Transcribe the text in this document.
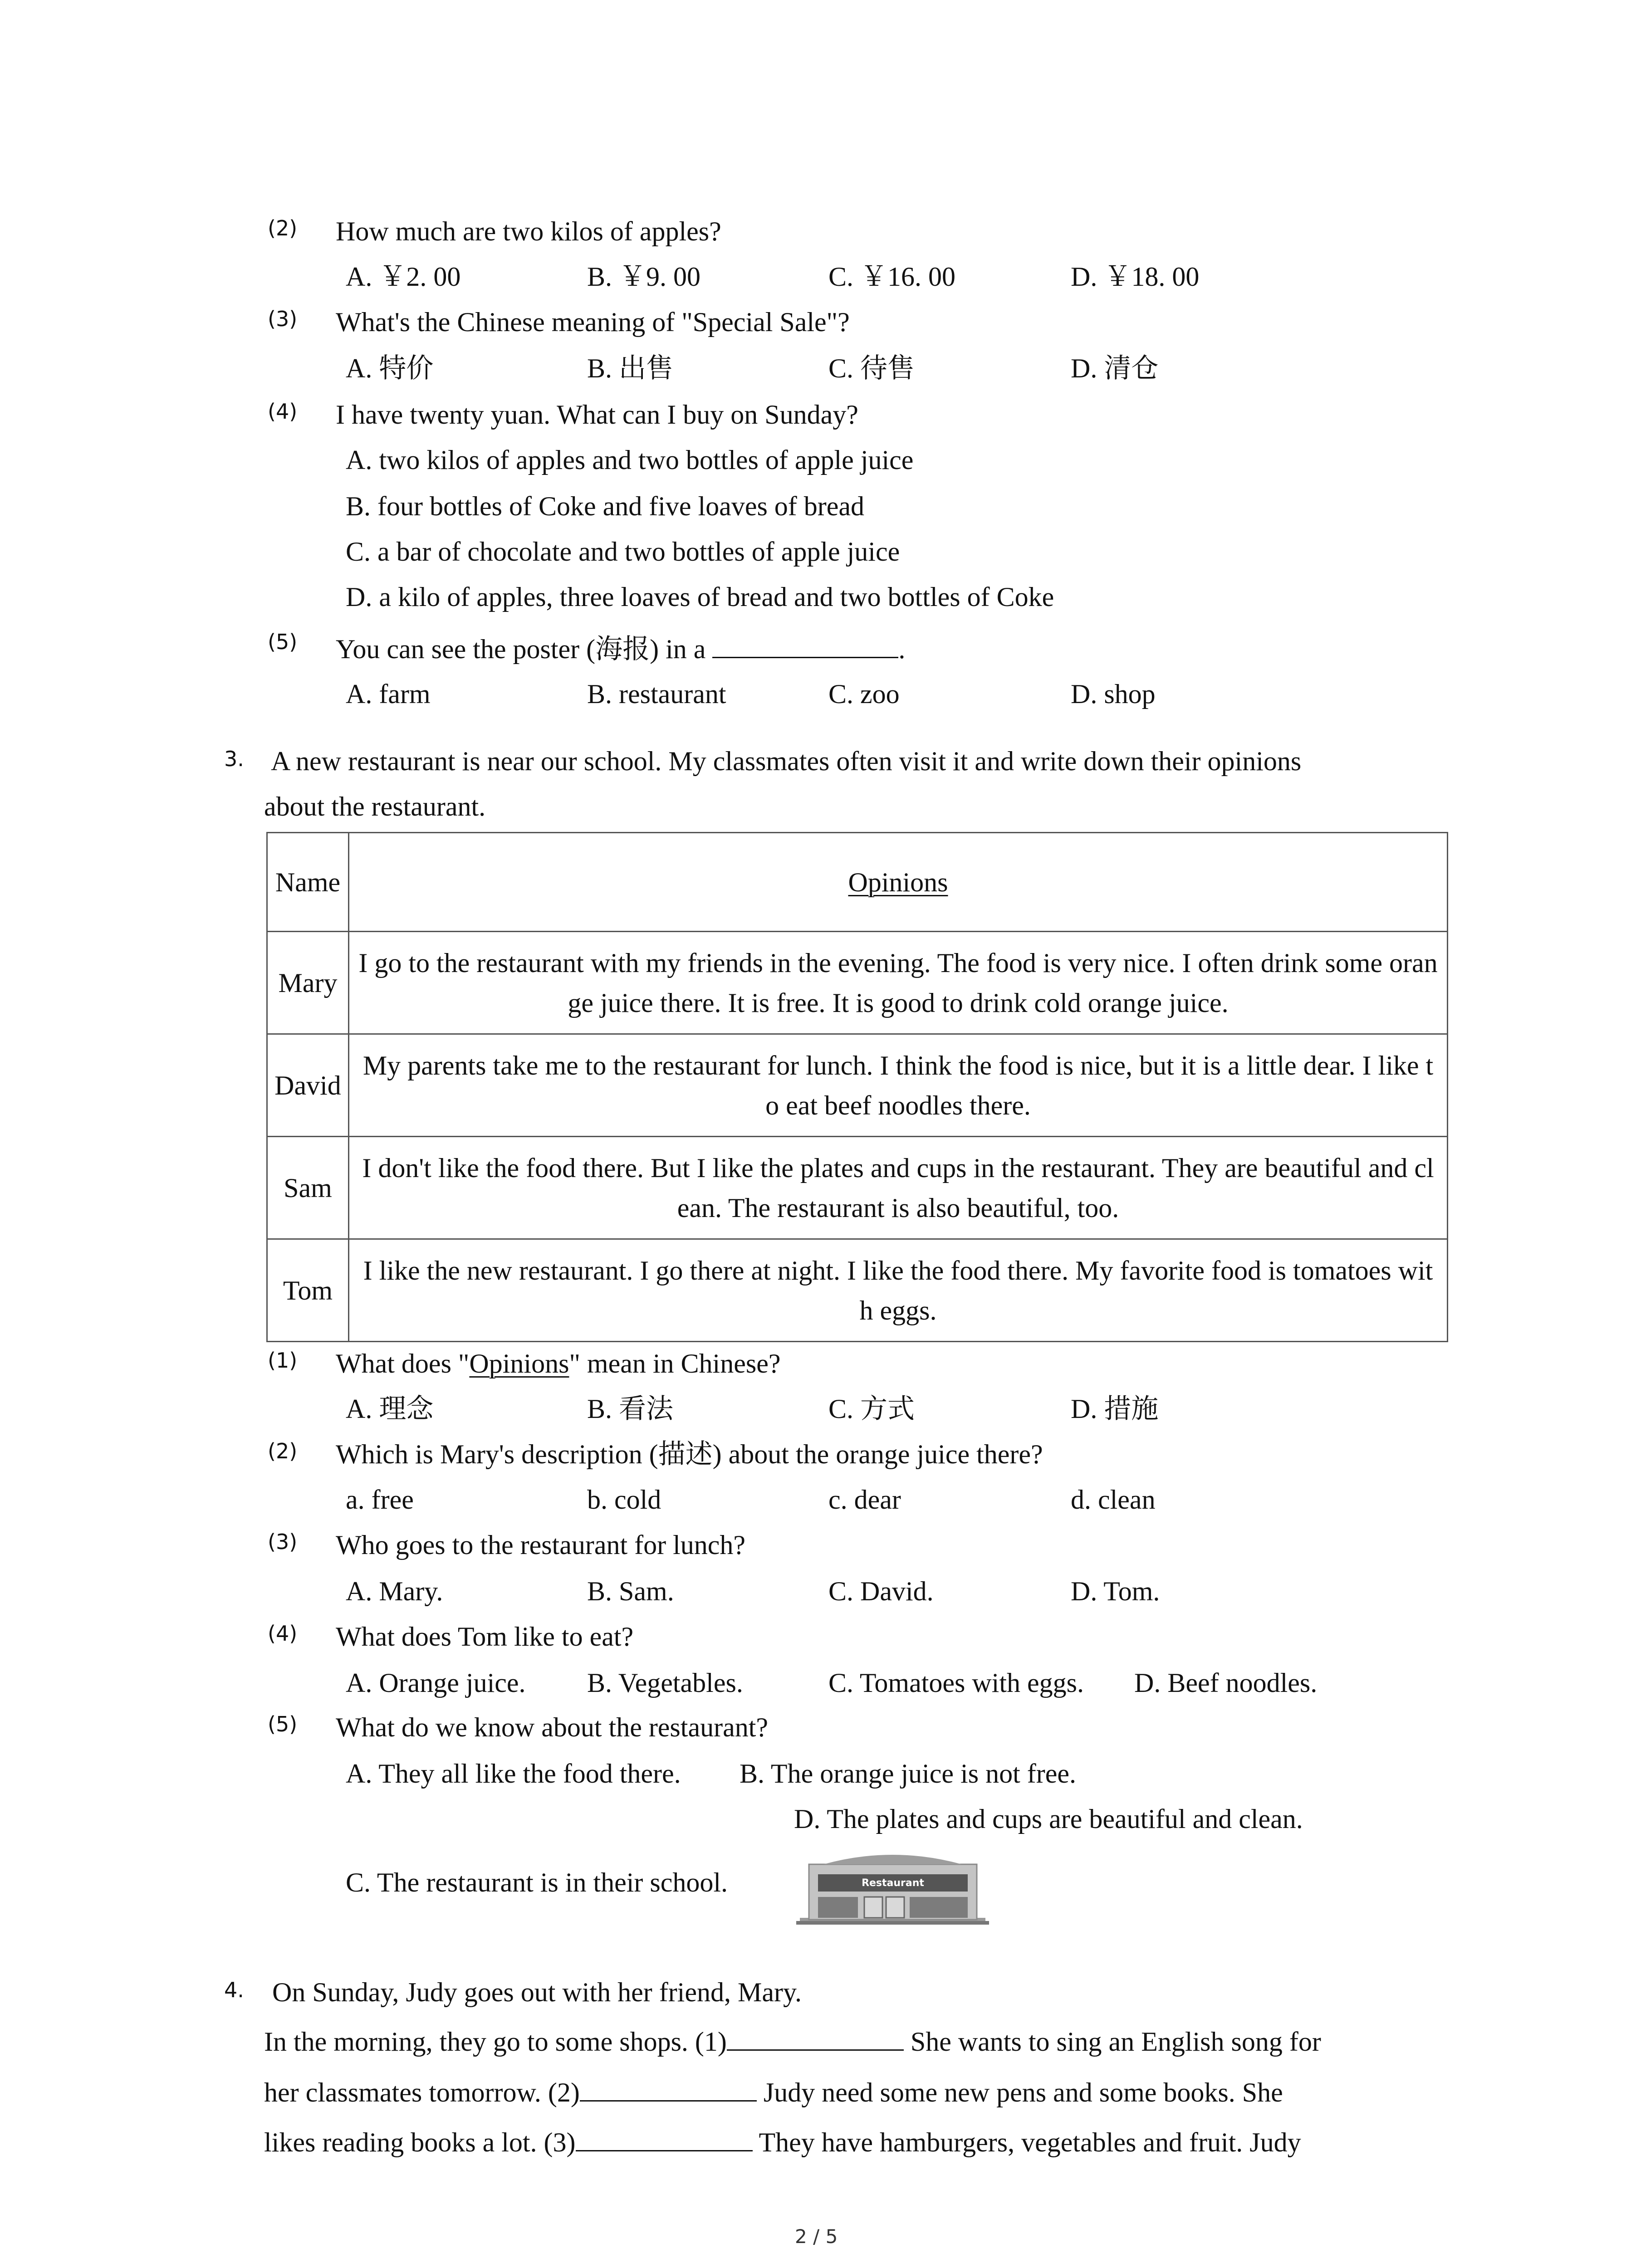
(2) How much are two kilos of apples?
A. ￥2. 00	B. ￥9. 00	C. ￥16. 00	D. ￥18. 00
(3) What's the Chinese meaning of "Special Sale"?
A. 特价	B. 出售	C. 待售	D. 清仓
(4) I have twenty yuan. What can I buy on Sunday?
A. two kilos of apples and two bottles of apple juice
B. four bottles of Coke and five loaves of bread
C. a bar of chocolate and two bottles of apple juice
D. a kilo of apples, three loaves of bread and two bottles of Coke
(5) You can see the poster (海报) in a	.
A. farm	B. restaurant	C. zoo	D. shop
3. A new restaurant is near our school. My classmates often visit it and write down their opinions
about the restaurant.
Name	Opinions
Mary	I go to the restaurant with my friends in the evening. The food is very nice. I often drink some orange juice there. It is free. It is good to drink cold orange juice.
David	My parents take me to the restaurant for lunch. I think the food is nice, but it is a little dear. I like to eat beef noodles there.
Sam	I don't like the food there. But I like the plates and cups in the restaurant. They are beautiful and clean. The restaurant is also beautiful, too.
Tom	I like the new restaurant. I go there at night. I like the food there. My favorite food is tomatoes with eggs.
(1) What does "Opinions" mean in Chinese?
A. 理念	B. 看法	C. 方式	D. 措施
(2) Which is Mary's description (描述) about the orange juice there?
a. free	b. cold	c. dear	d. clean
(3) Who goes to the restaurant for lunch?
A. Mary.	B. Sam.	C. David.	D. Tom.
(4) What does Tom like to eat?
A. Orange juice. B. Vegetables.	C. Tomatoes with eggs. D. Beef noodles.
(5) What do we know about the restaurant?
A. They all like the food there. B. The orange juice is not free.
D. The plates and cups are beautiful and clean.
C. The restaurant is in their school.	Restaurant
4. On Sunday, Judy goes out with her friend, Mary.
In the morning, they go to some shops. (1)	She wants to sing an English song for
her classmates tomorrow. (2)	Judy need some new pens and some books. She
likes reading books a lot. (3)	They have hamburgers, vegetables and fruit. Judy
2 / 5
